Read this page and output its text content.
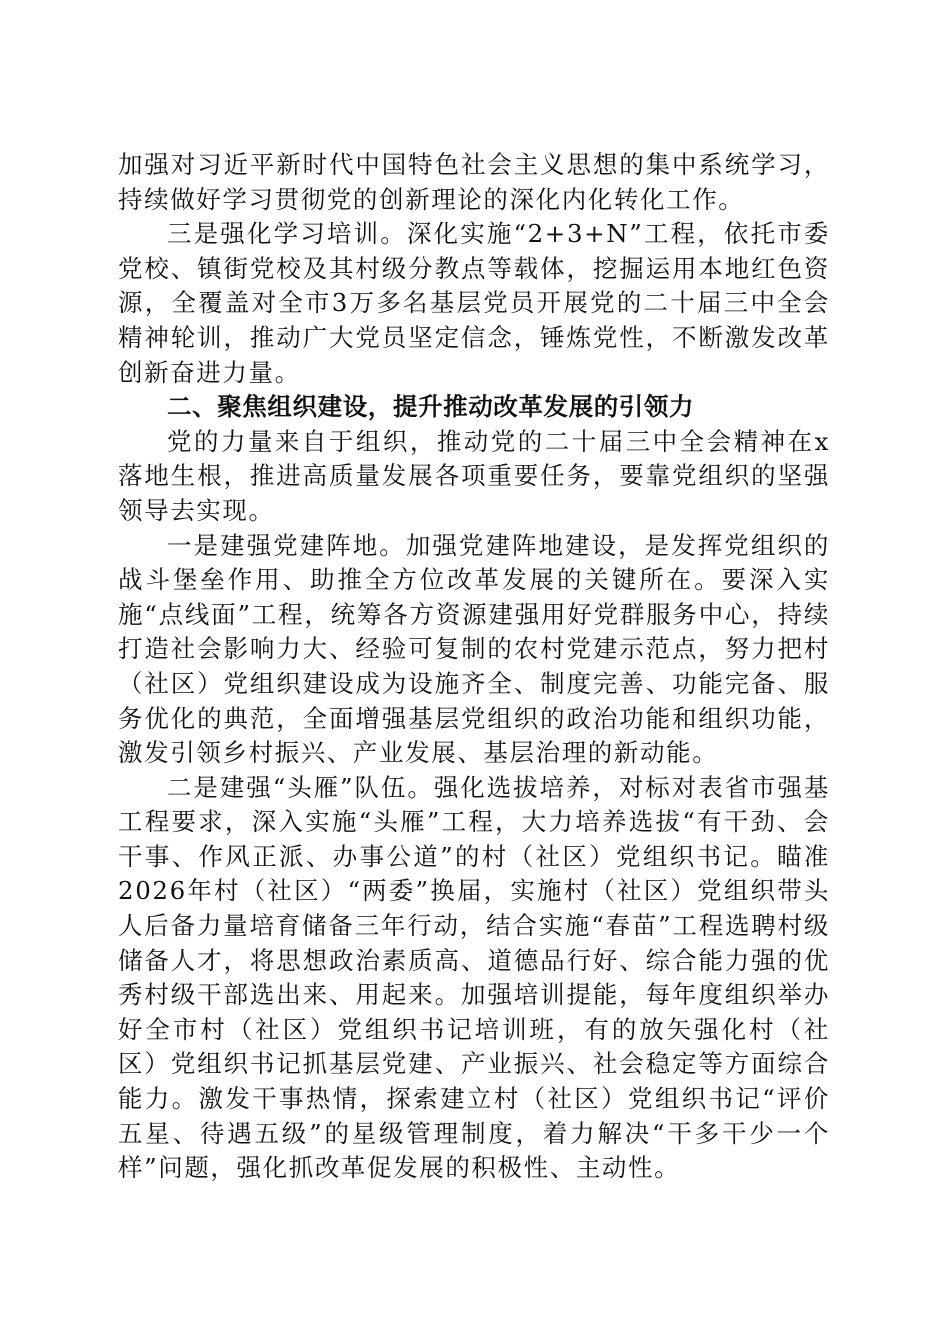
加强对习近平新时代中国特色社会主义思想的集中系统学习，持续做好学习贯彻党的创新理论的深化内化转化工作。

三是强化学习培训。深化实施“2+3+N”工程，依托市委党校、镇街党校及其村级分教点等载体，挖掘运用本地红色资源，全覆盖对全市3万多名基层党员开展党的二十届三中全会精神轮训，推动广大党员坚定信念，锤炼党性，不断激发改革创新奋进力量。

二、聚焦组织建设，提升推动改革发展的引领力

党的力量来自于组织，推动党的二十届三中全会精神在x落地生根，推进高质量发展各项重要任务，要靠党组织的坚强领导去实现。

一是建强党建阵地。加强党建阵地建设，是发挥党组织的战斗堡垒作用、助推全方位改革发展的关键所在。要深入实施“点线面”工程，统筹各方资源建强用好党群服务中心，持续打造社会影响力大、经验可复制的农村党建示范点，努力把村（社区）党组织建设成为设施齐全、制度完善、功能完备、服务优化的典范，全面增强基层党组织的政治功能和组织功能，激发引领乡村振兴、产业发展、基层治理的新动能。

二是建强“头雁”队伍。强化选拔培养，对标对表省市强基工程要求，深入实施“头雁”工程，大力培养选拔“有干劲、会干事、作风正派、办事公道”的村（社区）党组织书记。瞄准2026年村（社区）“两委”换届，实施村（社区）党组织带头人后备力量培育储备三年行动，结合实施“春苗”工程选聘村级储备人才，将思想政治素质高、道德品行好、综合能力强的优秀村级干部选出来、用起来。加强培训提能，每年度组织举办好全市村（社区）党组织书记培训班，有的放矢强化村（社区）党组织书记抓基层党建、产业振兴、社会稳定等方面综合能力。激发干事热情，探索建立村（社区）党组织书记“评价五星、待遇五级”的星级管理制度，着力解决“干多干少一个样”问题，强化抓改革促发展的积极性、主动性。
